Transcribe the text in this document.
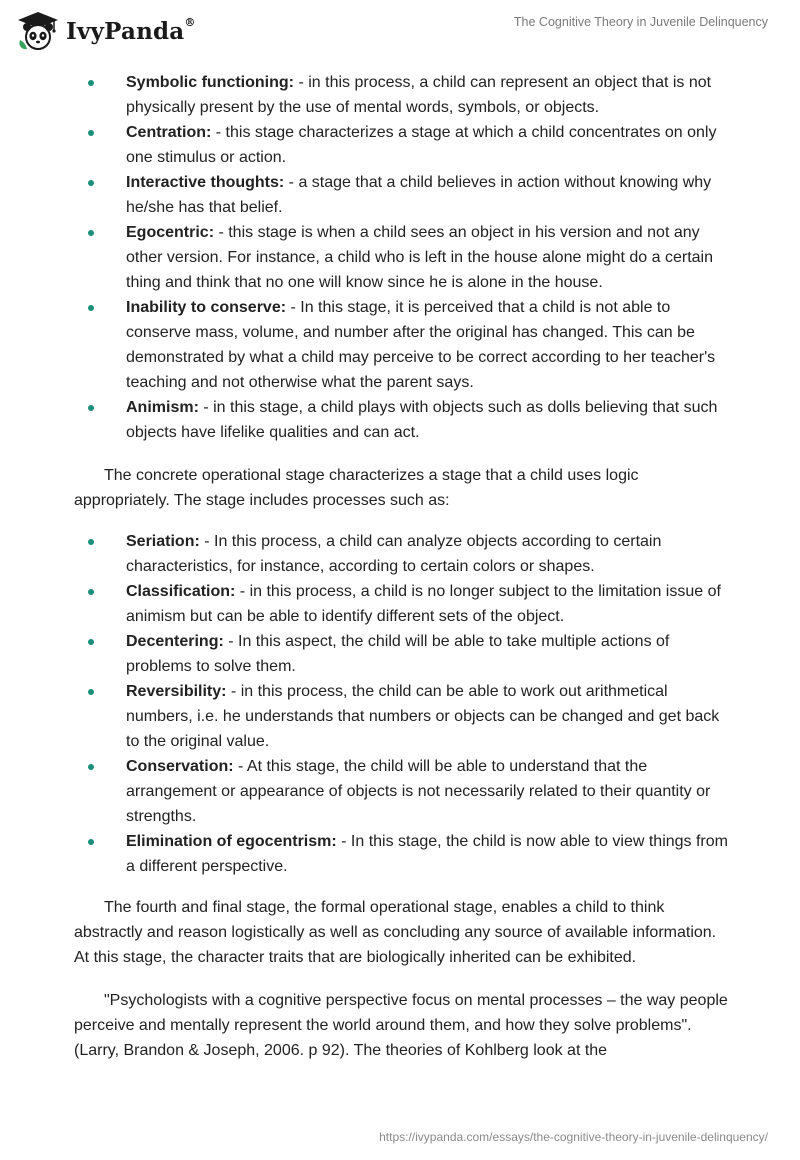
IvyPanda®	The Cognitive Theory in Juvenile Delinquency
Symbolic functioning: - in this process, a child can represent an object that is not physically present by the use of mental words, symbols, or objects.
Centration: - this stage characterizes a stage at which a child concentrates on only one stimulus or action.
Interactive thoughts: - a stage that a child believes in action without knowing why he/she has that belief.
Egocentric: - this stage is when a child sees an object in his version and not any other version. For instance, a child who is left in the house alone might do a certain thing and think that no one will know since he is alone in the house.
Inability to conserve: - In this stage, it is perceived that a child is not able to conserve mass, volume, and number after the original has changed. This can be demonstrated by what a child may perceive to be correct according to her teacher's teaching and not otherwise what the parent says.
Animism: - in this stage, a child plays with objects such as dolls believing that such objects have lifelike qualities and can act.

The concrete operational stage characterizes a stage that a child uses logic appropriately. The stage includes processes such as:

Seriation: - In this process, a child can analyze objects according to certain characteristics, for instance, according to certain colors or shapes.
Classification: - in this process, a child is no longer subject to the limitation issue of animism but can be able to identify different sets of the object.
Decentering: - In this aspect, the child will be able to take multiple actions of problems to solve them.
Reversibility: - in this process, the child can be able to work out arithmetical numbers, i.e. he understands that numbers or objects can be changed and get back to the original value.
Conservation: - At this stage, the child will be able to understand that the arrangement or appearance of objects is not necessarily related to their quantity or strengths.
Elimination of egocentrism: - In this stage, the child is now able to view things from a different perspective.

The fourth and final stage, the formal operational stage, enables a child to think abstractly and reason logistically as well as concluding any source of available information. At this stage, the character traits that are biologically inherited can be exhibited.

"Psychologists with a cognitive perspective focus on mental processes – the way people perceive and mentally represent the world around them, and how they solve problems". (Larry, Brandon & Joseph, 2006. p 92). The theories of Kohlberg look at the

https://ivypanda.com/essays/the-cognitive-theory-in-juvenile-delinquency/
